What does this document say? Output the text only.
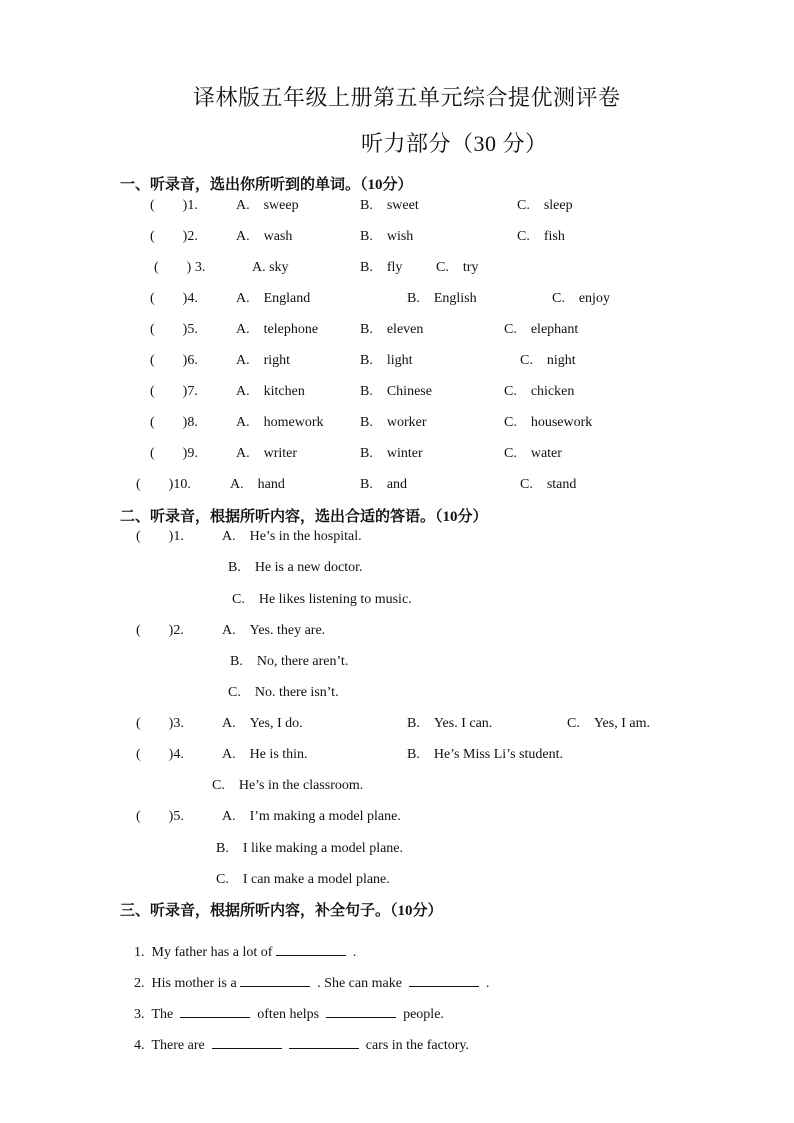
译林版五年级上册第五单元综合提优测评卷
听力部分（30 分）
一、听录音，选出你所听到的单词。（10分）
(　　)1.	A.　sweep	B.　sweet	C.　sleep
(　　)2.	A.　wash	B.　wish	C.　fish
(　　) 3.	A. sky	B.　fly C.　try
(　　)4.	A.　England	B.　English	C.　enjoy
(　　)5.	A.　telephone	B.　eleven	C.　elephant
(　　)6.	A.　right	B.　light	C.　night
(　　)7.	A.　kitchen	B.　Chinese	C.　chicken
(　　)8.	A.　homework	B.　worker	C.　housework
(　　)9.	A.　writer	B.　winter	C.　water
(　　)10.	A.　hand	B.　and	C.　stand
二、听录音，根据所听内容，选出合适的答语。（10分）
(　　)1.	A.　He’s in the hospital.
B.　He is a new doctor.
C.　He likes listening to music.
(　　)2.	A.　Yes. they are.
B.　No, there aren’t.
C.　No. there isn’t.
(　　)3.	A.　Yes, I do.	B.　Yes. I can.	C.　Yes, I am.
(　　)4.	A.　He is thin.	B.　He’s Miss Li’s student.
C.　He’s in the classroom.
(　　)5.	A.　I’m making a model plane.
B.　I like making a model plane.
C.　I can make a model plane.
三、听录音，根据所听内容，补全句子。（10分）

1. My father has a lot of	.

2. His mother is a	. She can make	.

3. The	often helps	people.

4. There are	cars in the factory.
